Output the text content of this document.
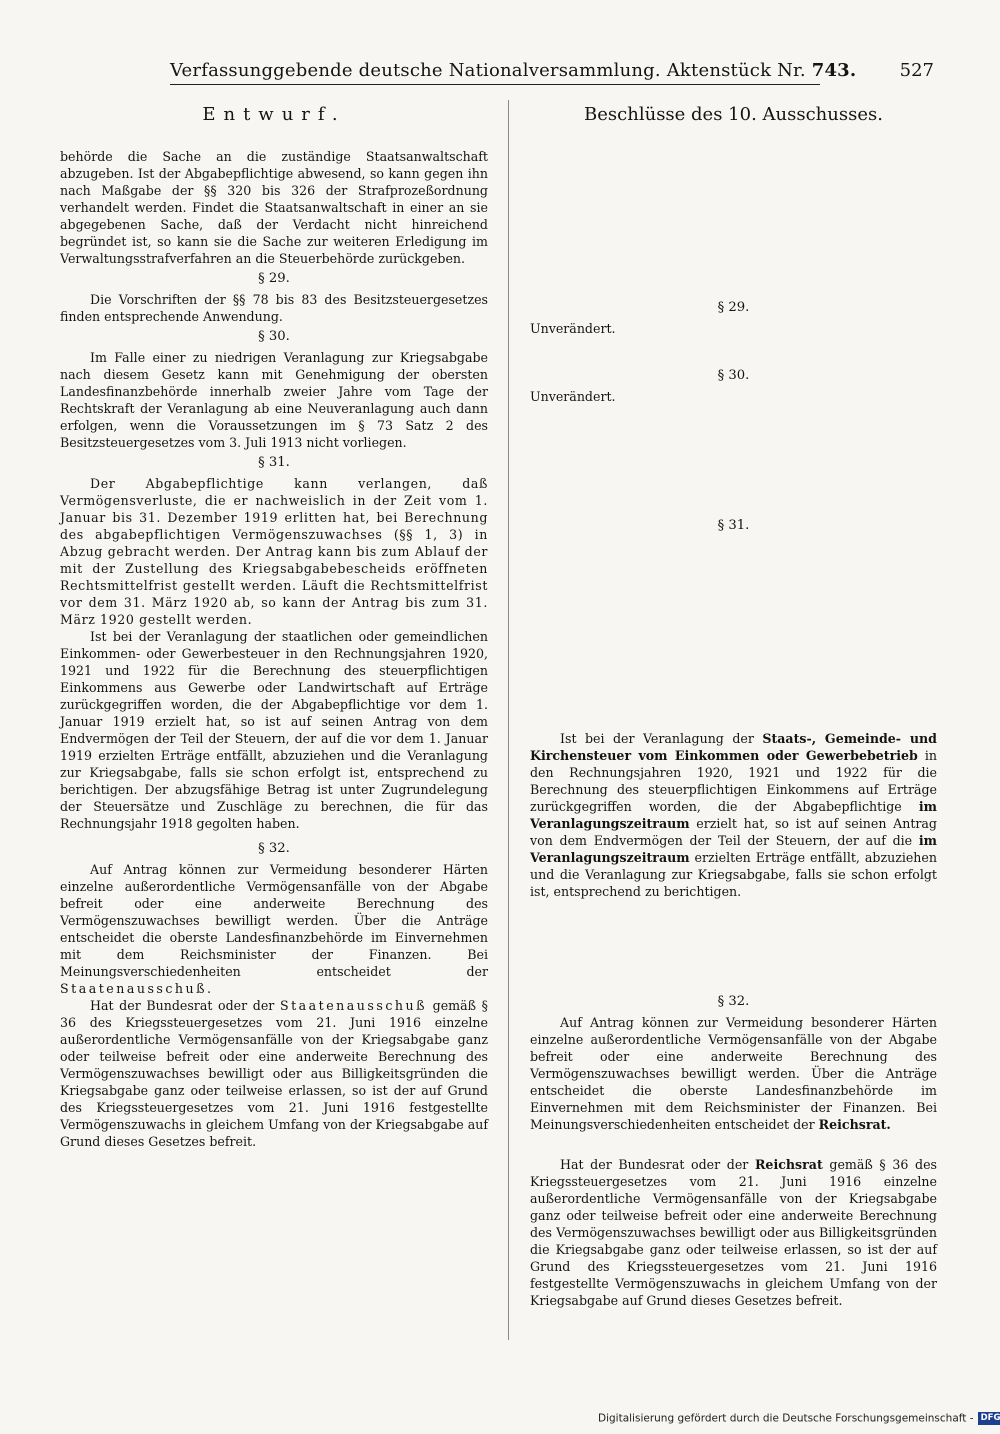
Verfassunggebende deutsche Nationalversammlung. Aktenstück Nr. 743. 527
Entwurf.

behörde die Sache an die zuständige Staatsanwaltschaft abzugeben. Ist der Abgabepflichtige abwesend, so kann gegen ihn nach Maßgabe der §§ 320 bis 326 der Strafprozeßordnung verhandelt werden. Findet die Staatsanwaltschaft in einer an sie abgegebenen Sache, daß der Verdacht nicht hinreichend begründet ist, so kann sie die Sache zur weiteren Erledigung im Verwaltungsstrafverfahren an die Steuerbehörde zurückgeben.

§ 29.

Die Vorschriften der §§ 78 bis 83 des Besitzsteuergesetzes finden entsprechende Anwendung.

§ 30.

Im Falle einer zu niedrigen Veranlagung zur Kriegsabgabe nach diesem Gesetz kann mit Genehmigung der obersten Landesfinanzbehörde innerhalb zweier Jahre vom Tage der Rechtskraft der Veranlagung ab eine Neuveranlagung auch dann erfolgen, wenn die Voraussetzungen im § 73 Satz 2 des Besitzsteuergesetzes vom 3. Juli 1913 nicht vorliegen.

§ 31.

Der Abgabepflichtige kann verlangen, daß Vermögensverluste, die er nachweislich in der Zeit vom 1. Januar bis 31. Dezember 1919 erlitten hat, bei Berechnung des abgabepflichtigen Vermögenszuwachses (§§ 1, 3) in Abzug gebracht werden. Der Antrag kann bis zum Ablauf der mit der Zustellung des Kriegsabgabebescheids eröffneten Rechtsmittelfrist gestellt werden. Läuft die Rechtsmittelfrist vor dem 31. März 1920 ab, so kann der Antrag bis zum 31. März 1920 gestellt werden.

Ist bei der Veranlagung der staatlichen oder gemeindlichen Einkommen- oder Gewerbesteuer in den Rechnungsjahren 1920, 1921 und 1922 für die Berechnung des steuerpflichtigen Einkommens aus Gewerbe oder Landwirtschaft auf Erträge zurückgegriffen worden, die der Abgabepflichtige vor dem 1. Januar 1919 erzielt hat, so ist auf seinen Antrag von dem Endvermögen der Teil der Steuern, der auf die vor dem 1. Januar 1919 erzielten Erträge entfällt, abzuziehen und die Veranlagung zur Kriegsabgabe, falls sie schon erfolgt ist, entsprechend zu berichtigen. Der abzugsfähige Betrag ist unter Zugrundelegung der Steuersätze und Zuschläge zu berechnen, die für das Rechnungsjahr 1918 gegolten haben.

§ 32.

Auf Antrag können zur Vermeidung besonderer Härten einzelne außerordentliche Vermögensanfälle von der Abgabe befreit oder eine anderweite Berechnung des Vermögenszuwachses bewilligt werden. Über die Anträge entscheidet die oberste Landesfinanzbehörde im Einvernehmen mit dem Reichsminister der Finanzen. Bei Meinungsverschiedenheiten entscheidet der Staatenausschuß.

Hat der Bundesrat oder der Staatenausschuß gemäß § 36 des Kriegssteuergesetzes vom 21. Juni 1916 einzelne außerordentliche Vermögensanfälle von der Kriegsabgabe ganz oder teilweise befreit oder eine anderweite Berechnung des Vermögenszuwachses bewilligt oder aus Billigkeitsgründen die Kriegsabgabe ganz oder teilweise erlassen, so ist der auf Grund des Kriegssteuergesetzes vom 21. Juni 1916 festgestellte Vermögenszuwachs in gleichem Umfang von der Kriegsabgabe auf Grund dieses Gesetzes befreit.

Beschlüsse des 10. Ausschusses.
§ 29.

Unverändert.

§ 30.

Unverändert.

§ 31.

Ist bei der Veranlagung der Staats-, Gemeinde- und Kirchensteuer vom Einkommen oder Gewerbebetrieb in den Rechnungsjahren 1920, 1921 und 1922 für die Berechnung des steuerpflichtigen Einkommens auf Erträge zurückgegriffen worden, die der Abgabepflichtige im Veranlagungszeitraum erzielt hat, so ist auf seinen Antrag von dem Endvermögen der Teil der Steuern, der auf die im Veranlagungszeitraum erzielten Erträge entfällt, abzuziehen und die Veranlagung zur Kriegsabgabe, falls sie schon erfolgt ist, entsprechend zu berichtigen.

§ 32.

Auf Antrag können zur Vermeidung besonderer Härten einzelne außerordentliche Vermögensanfälle von der Abgabe befreit oder eine anderweite Berechnung des Vermögenszuwachses bewilligt werden. Über die Anträge entscheidet die oberste Landesfinanzbehörde im Einvernehmen mit dem Reichsminister der Finanzen. Bei Meinungsverschiedenheiten entscheidet der Reichsrat.

Hat der Bundesrat oder der Reichsrat gemäß § 36 des Kriegssteuergesetzes vom 21. Juni 1916 einzelne außerordentliche Vermögensanfälle von der Kriegsabgabe ganz oder teilweise befreit oder eine anderweite Berechnung des Vermögenszuwachses bewilligt oder aus Billigkeitsgründen die Kriegsabgabe ganz oder teilweise erlassen, so ist der auf Grund des Kriegssteuergesetzes vom 21. Juni 1916 festgestellte Vermögenszuwachs in gleichem Umfang von der Kriegsabgabe auf Grund dieses Gesetzes befreit.

Digitalisierung gefördert durch die Deutsche Forschungsgemeinschaft - DFG
